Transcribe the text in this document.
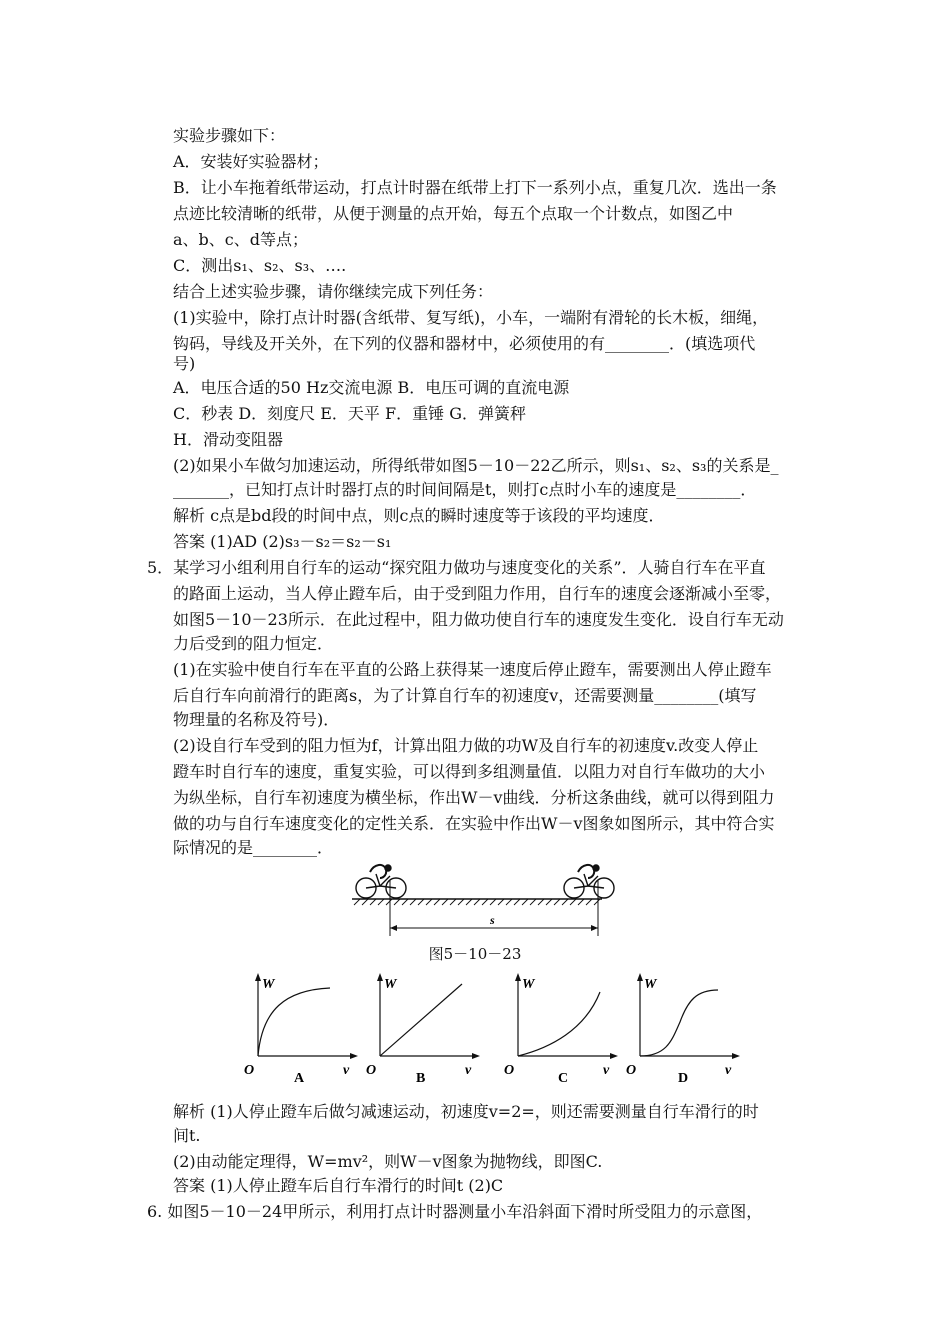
实验步骤如下：
A．安装好实验器材；
B．让小车拖着纸带运动，打点计时器在纸带上打下一系列小点，重复几次．选出一条
点迹比较清晰的纸带，从便于测量的点开始，每五个点取一个计数点，如图乙中
a、b、c、d等点；
C．测出s₁、s₂、s₃、….
结合上述实验步骤，请你继续完成下列任务：
(1)实验中，除打点计时器(含纸带、复写纸)，小车，一端附有滑轮的长木板，细绳，
钩码，导线及开关外，在下列的仪器和器材中，必须使用的有________．(填选项代
号)
A．电压合适的50 Hz交流电源 B．电压可调的直流电源
C．秒表 D．刻度尺 E．天平 F．重锤 G．弹簧秤
H．滑动变阻器
(2)如果小车做匀加速运动，所得纸带如图5－10－22乙所示，则s₁、s₂、s₃的关系是_
_______，已知打点计时器打点的时间间隔是t，则打c点时小车的速度是________．
解析 c点是bd段的时间中点，则c点的瞬时速度等于该段的平均速度．
答案 (1)AD (2)s₃－s₂＝s₂－s₁
5．某学习小组利用自行车的运动“探究阻力做功与速度变化的关系”．人骑自行车在平直
的路面上运动，当人停止蹬车后，由于受到阻力作用，自行车的速度会逐渐减小至零，
如图5－10－23所示．在此过程中，阻力做功使自行车的速度发生变化．设自行车无动
力后受到的阻力恒定．
(1)在实验中使自行车在平直的公路上获得某一速度后停止蹬车，需要测出人停止蹬车
后自行车向前滑行的距离s，为了计算自行车的初速度v，还需要测量________(填写
物理量的名称及符号)．
(2)设自行车受到的阻力恒为f，计算出阻力做的功W及自行车的初速度v.改变人停止
蹬车时自行车的速度，重复实验，可以得到多组测量值．以阻力对自行车做功的大小
为纵坐标，自行车初速度为横坐标，作出W－v曲线．分析这条曲线，就可以得到阻力
做的功与自行车速度变化的定性关系．在实验中作出W－v图象如图所示，其中符合实
际情况的是________．
s
图5－10－23
W
v
O
A
W
v
O
B
W
v
O
C
W
v
O
D
解析 (1)人停止蹬车后做匀减速运动，初速度v=2=，则还需要测量自行车滑行的时
间t.
(2)由动能定理得，W=mv²，则W－v图象为抛物线，即图C.
答案 (1)人停止蹬车后自行车滑行的时间t (2)C
6. 如图5－10－24甲所示，利用打点计时器测量小车沿斜面下滑时所受阻力的示意图，
